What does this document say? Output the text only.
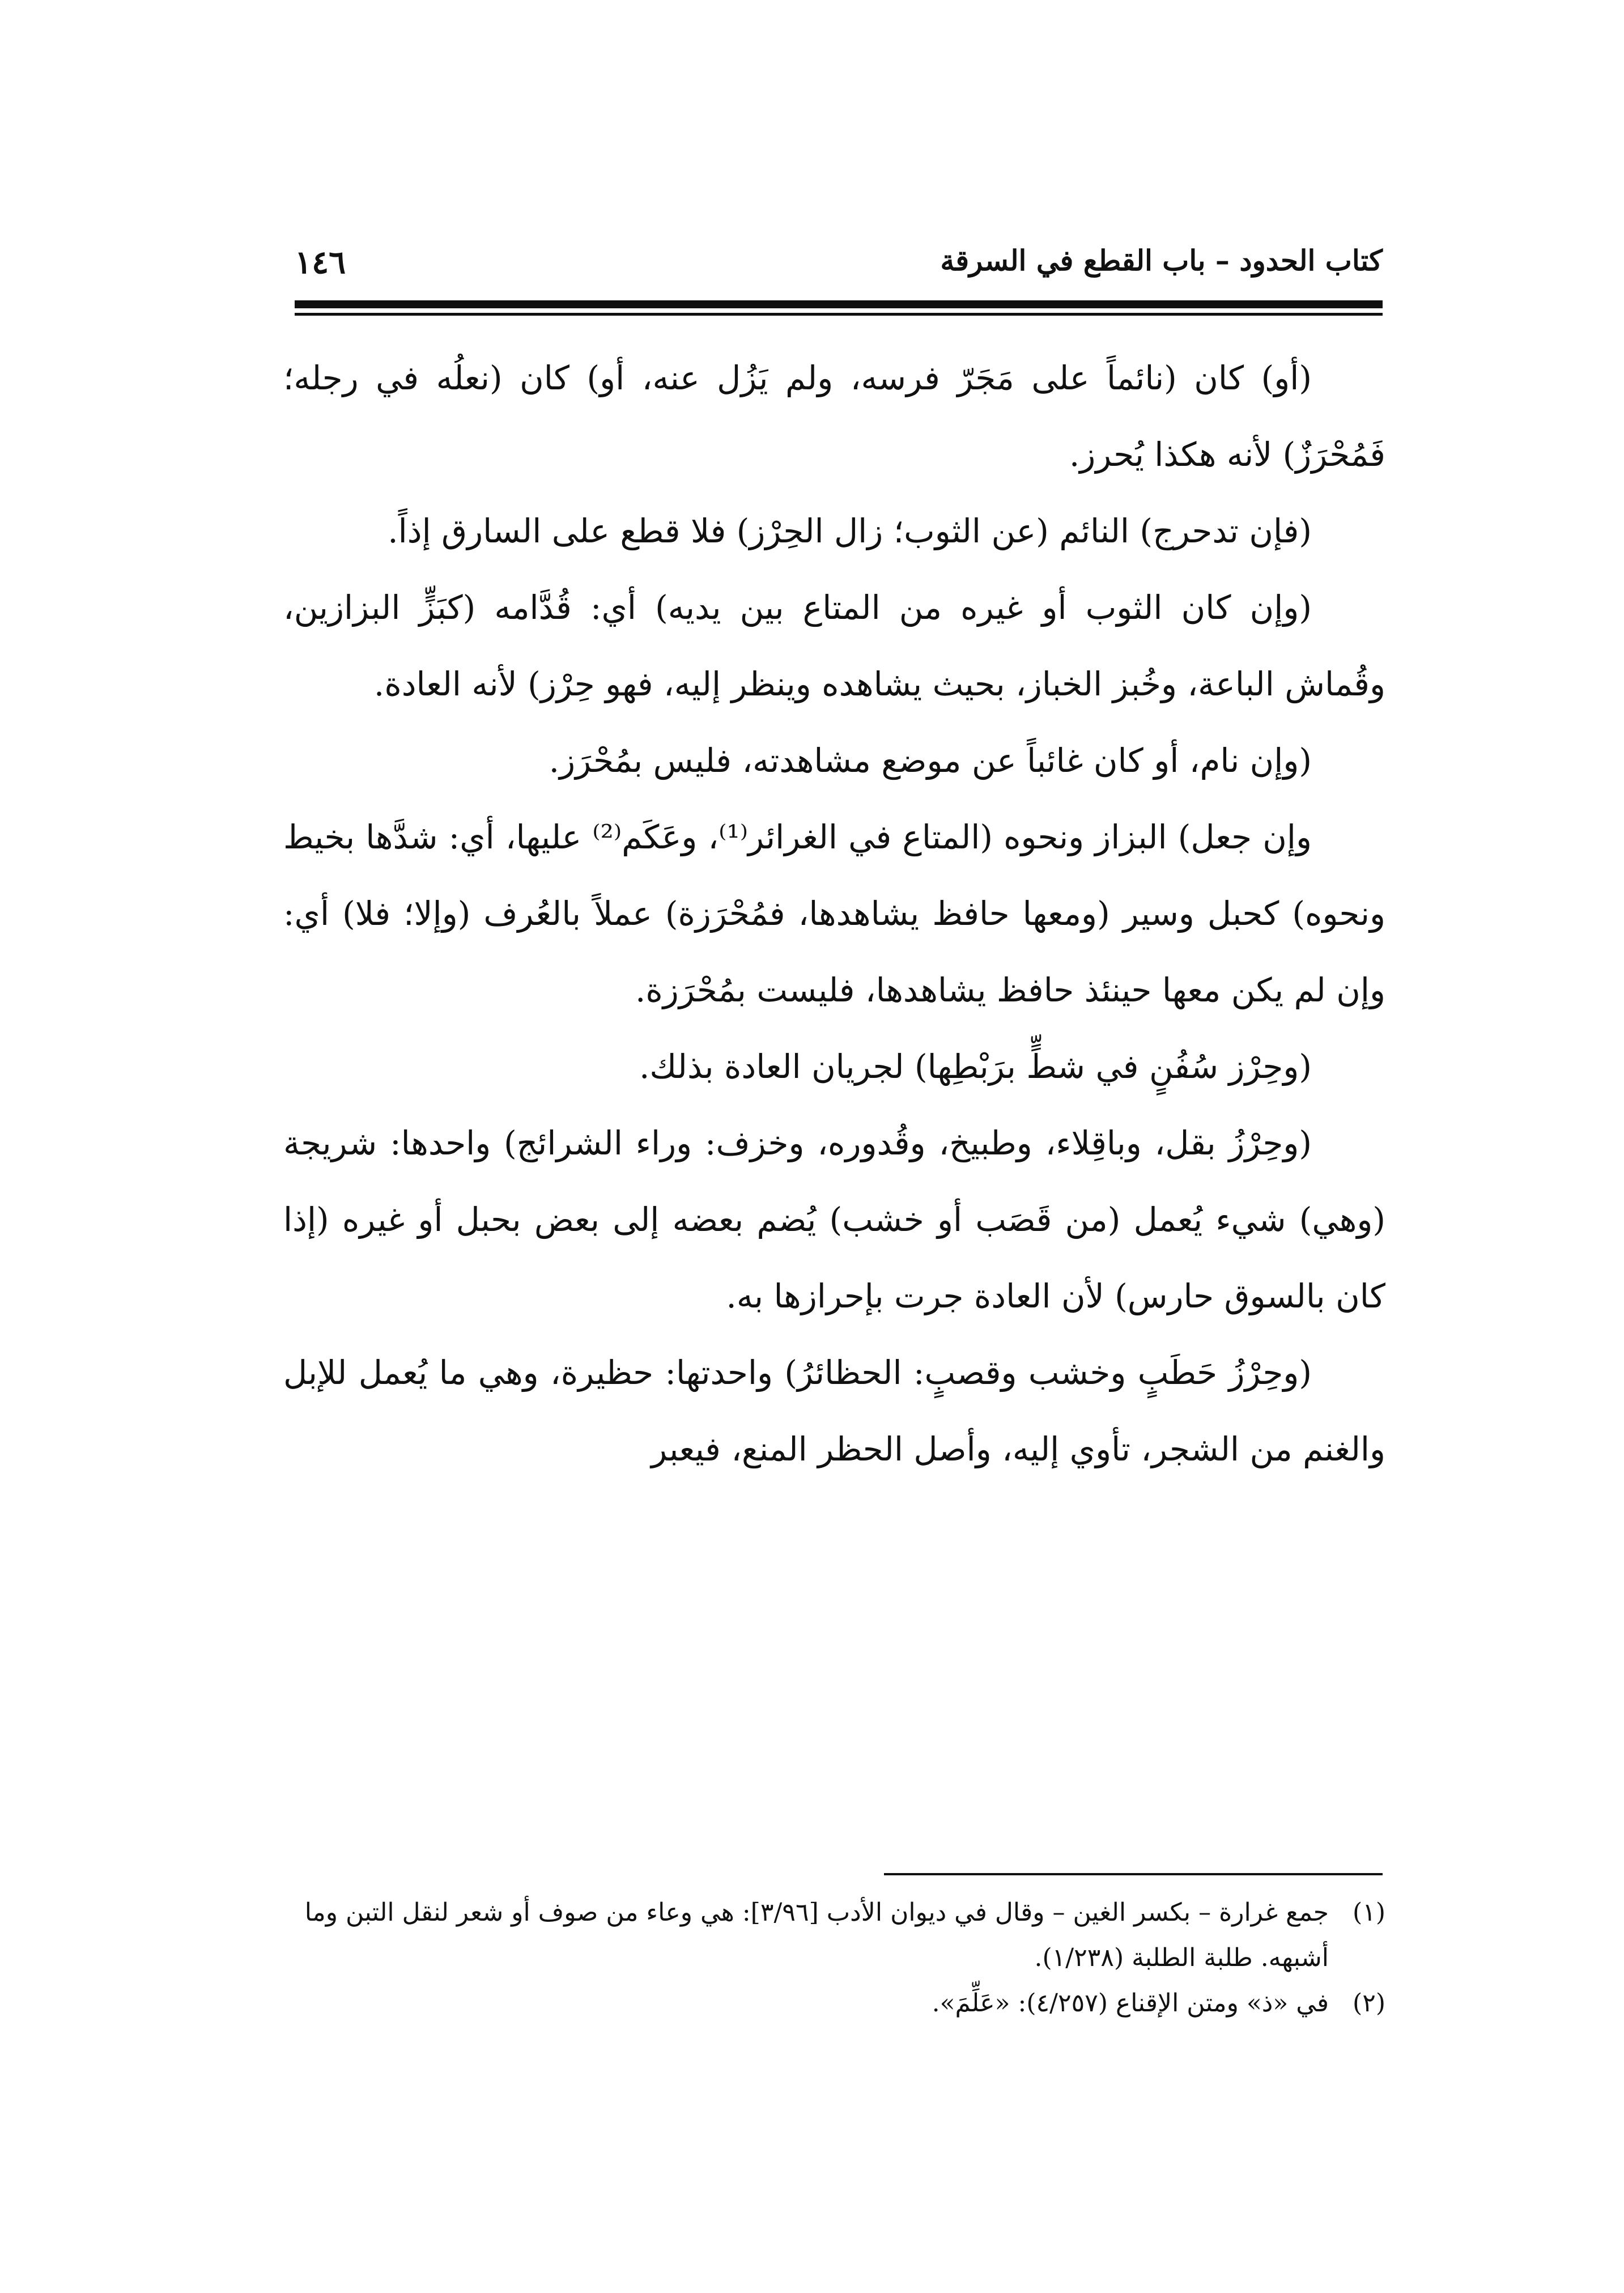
كتاب الحدود – باب القطع في السرقة
١٤٦

(أو) كان (نائماً على مَجَرّ فرسه، ولم يَزُل عنه، أو) كان (نعلُه في رجله؛ فَمُحْرَزٌ) لأنه هكذا يُحرز.

(فإن تدحرج) النائم (عن الثوب؛ زال الحِرْز) فلا قطع على السارق إذاً.

(وإن كان الثوب أو غيره من المتاع بين يديه) أي: قُدَّامه (كبَزٍّ البزازين، وقُماش الباعة، وخُبز الخباز، بحيث يشاهده وينظر إليه، فهو حِرْز) لأنه العادة.

(وإن نام، أو كان غائباً عن موضع مشاهدته، فليس بمُحْرَز.

وإن جعل) البزاز ونحوه (المتاع في الغرائر⁽¹⁾، وعَكَم⁽²⁾ عليها، أي: شدَّها بخيط ونحوه) كحبل وسير (ومعها حافظ يشاهدها، فمُحْرَزة) عملاً بالعُرف (وإلا؛ فلا) أي: وإن لم يكن معها حينئذ حافظ يشاهدها، فليست بمُحْرَزة.

(وحِرْز سُفُنٍ في شطٍّ برَبْطِها) لجريان العادة بذلك.

(وحِرْزُ بقل، وباقِلاء، وطبيخ، وقُدوره، وخزف: وراء الشرائج) واحدها: شريجة (وهي) شيء يُعمل (من قَصَب أو خشب) يُضم بعضه إلى بعض بحبل أو غيره (إذا كان بالسوق حارس) لأن العادة جرت بإحرازها به.

(وحِرْزُ حَطَبٍ وخشب وقصبٍ: الحظائرُ) واحدتها: حظيرة، وهي ما يُعمل للإبل والغنم من الشجر، تأوي إليه، وأصل الحظر المنع، فيعبر

(١)جمع غرارة – بكسر الغين – وقال في ديوان الأدب [٣/٩٦]: هي وعاء من صوف أو شعر لنقل التبن وما أشبهه. طلبة الطلبة (١/٢٣٨).

(٢)في «ذ» ومتن الإقناع (٤/٢٥٧): «عَلِّمَ».
